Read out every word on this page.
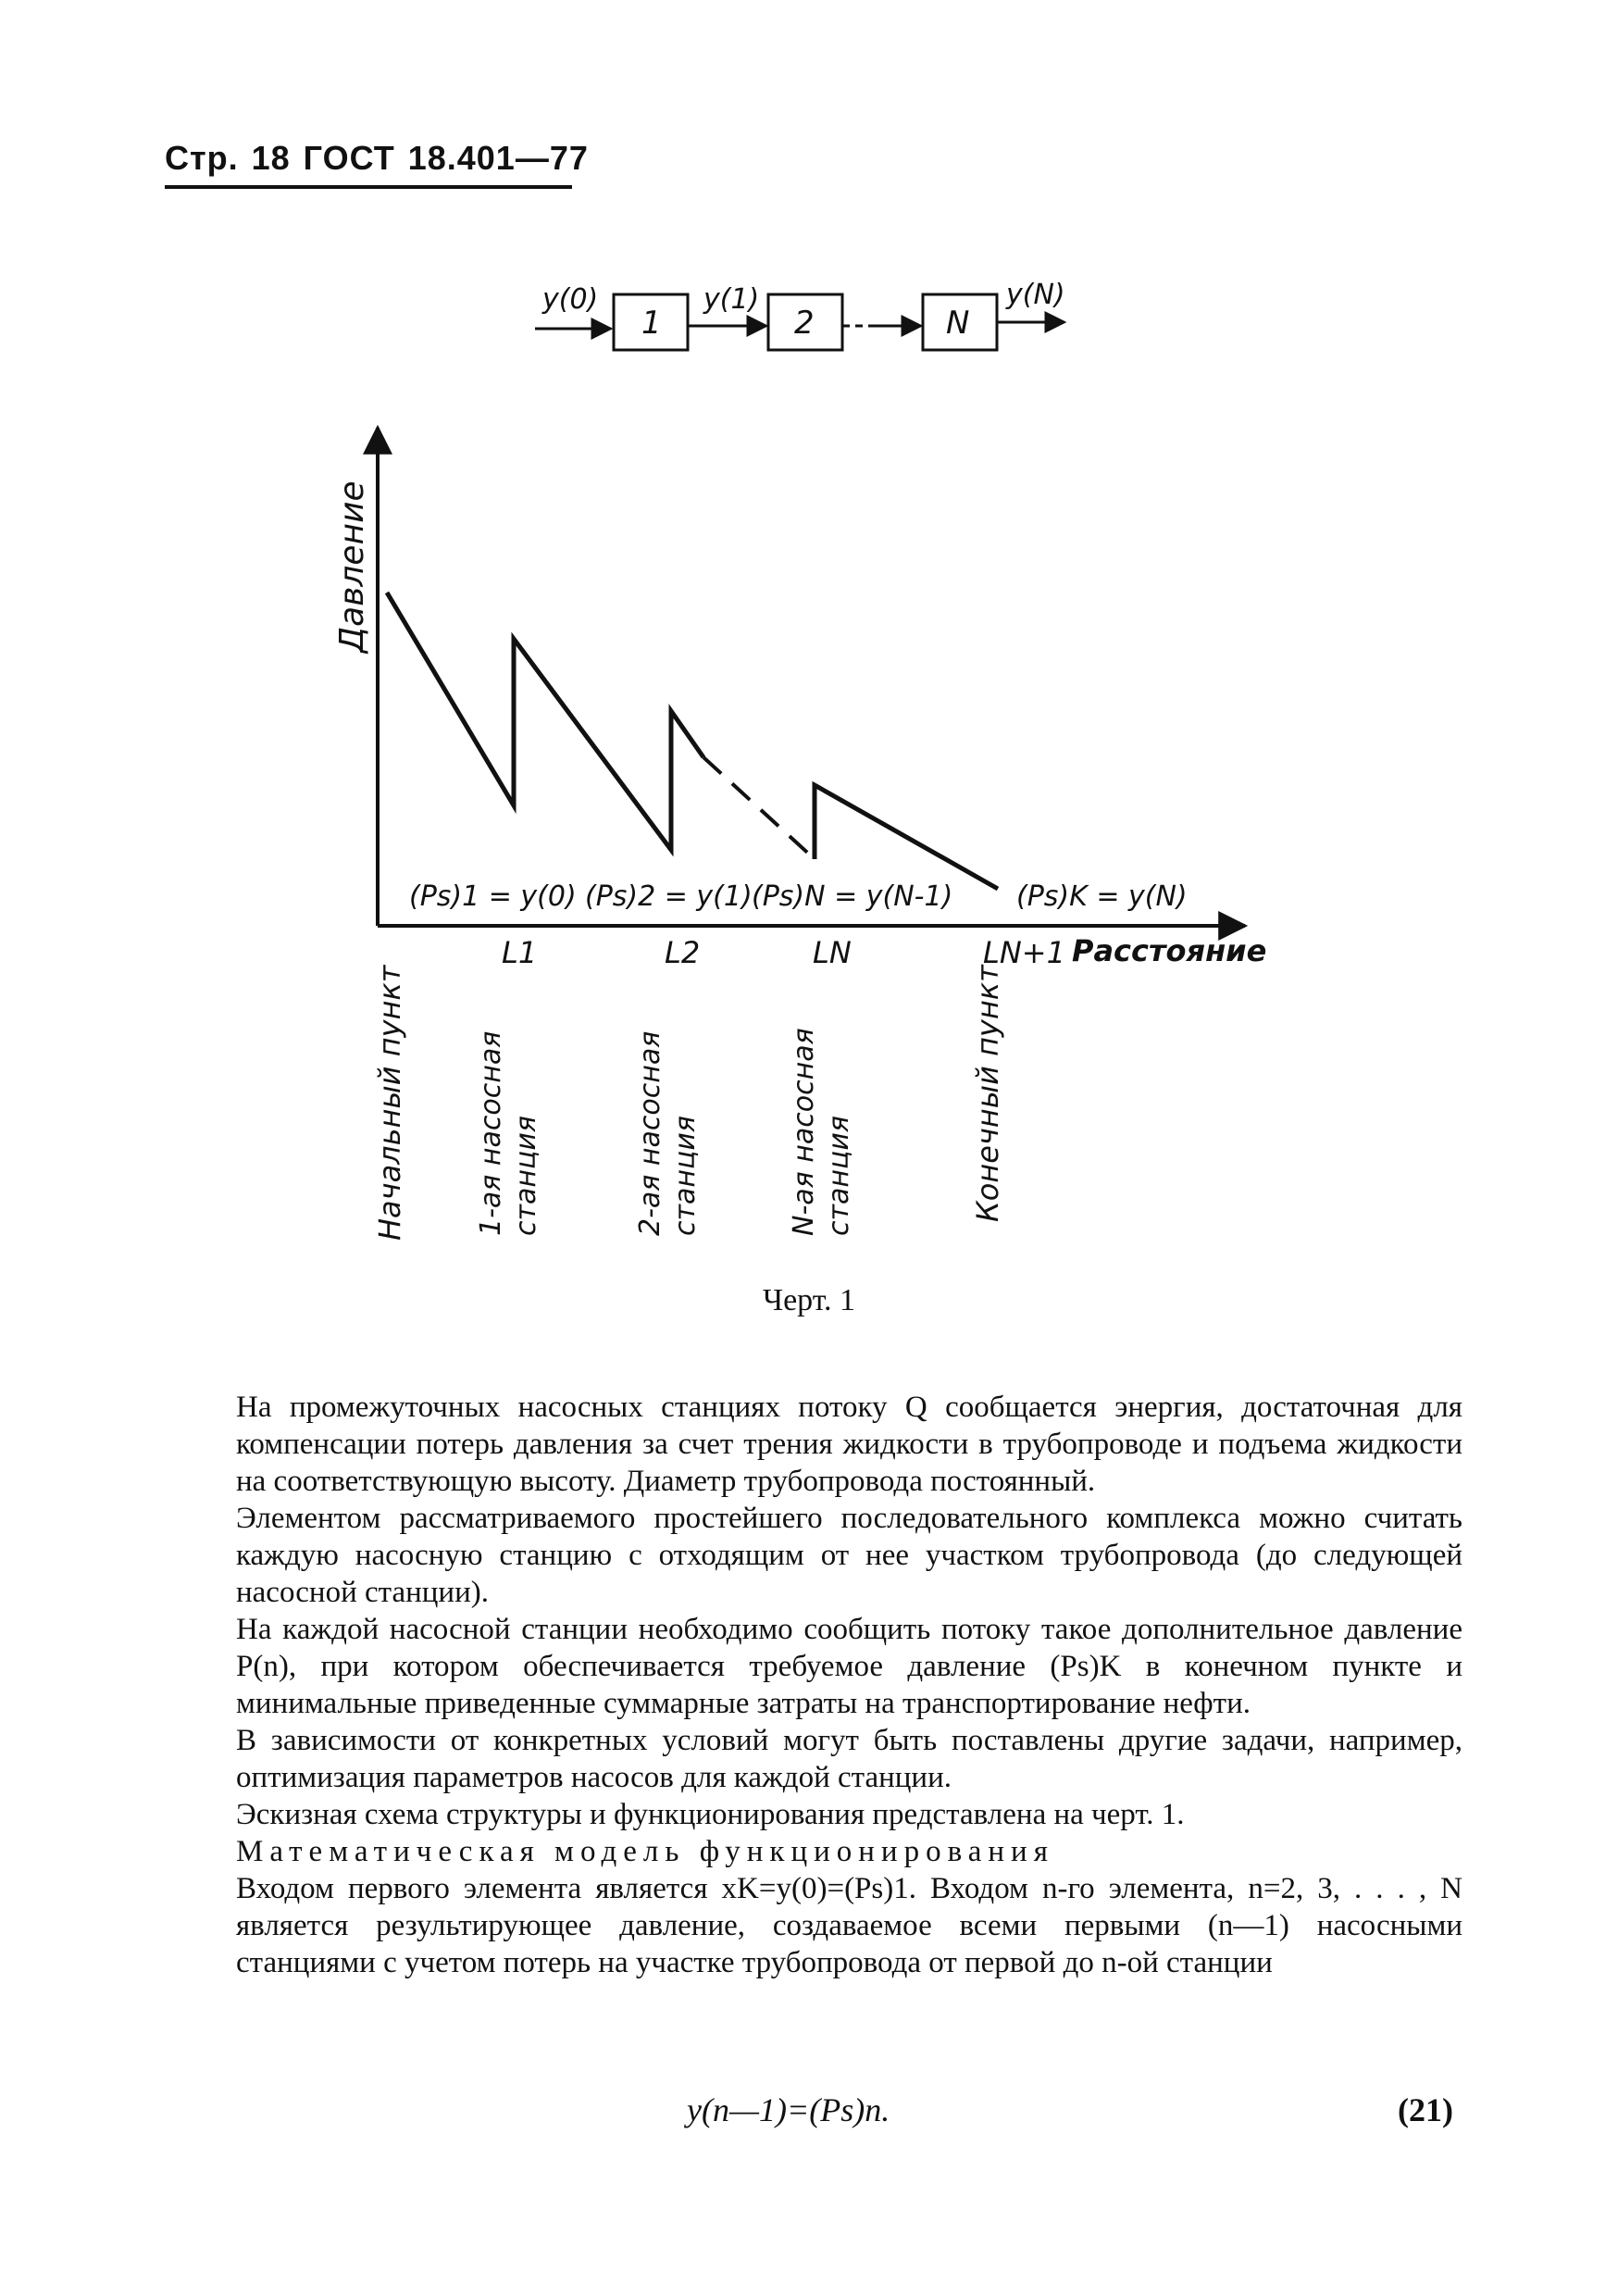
Стр. 18 ГОСТ 18.401—77
y(0)
1
y(1)
2	N
y(N)
Давление
Расстояние
(Ps)1 = y(0) (Ps)2 = y(1) (Ps)N = y(N-1) (Ps)K = y(N)
L1	L2	LN	LN+1
Начальный пункт 1-ая насосная станция	2-ая насосная станция	N-ая насосная станция	Конечный пункт
Черт. 1

На промежуточных насосных станциях потоку Q сообщается энергия, достаточная для компенсации потерь давления за счет трения жидкости в трубопроводе и подъема жидкости на соответствующую высоту. Диаметр трубопровода постоянный.

Элементом рассматриваемого простейшего последовательного комплекса можно считать каждую насосную станцию с отходящим от нее участком трубопровода (до следующей насосной станции).

На каждой насосной станции необходимо сообщить потоку такое дополнительное давление P(n), при котором обеспечивается требуемое давление (Ps)K в конечном пункте и минимальные приведенные суммарные затраты на транспортирование нефти.

В зависимости от конкретных условий могут быть поставлены другие задачи, например, оптимизация параметров насосов для каждой станции.

Эскизная схема структуры и функционирования представлена на черт. 1.

Математическая модель функционирования

Входом первого элемента является xK=y(0)=(Ps)1. Входом n-го элемента, n=2, 3, . . . , N является результирующее давление, создаваемое всеми первыми (n—1) насосными станциями с учетом потерь на участке трубопровода от первой до n-ой станции

y(n—1)=(Ps)n.	(21)
